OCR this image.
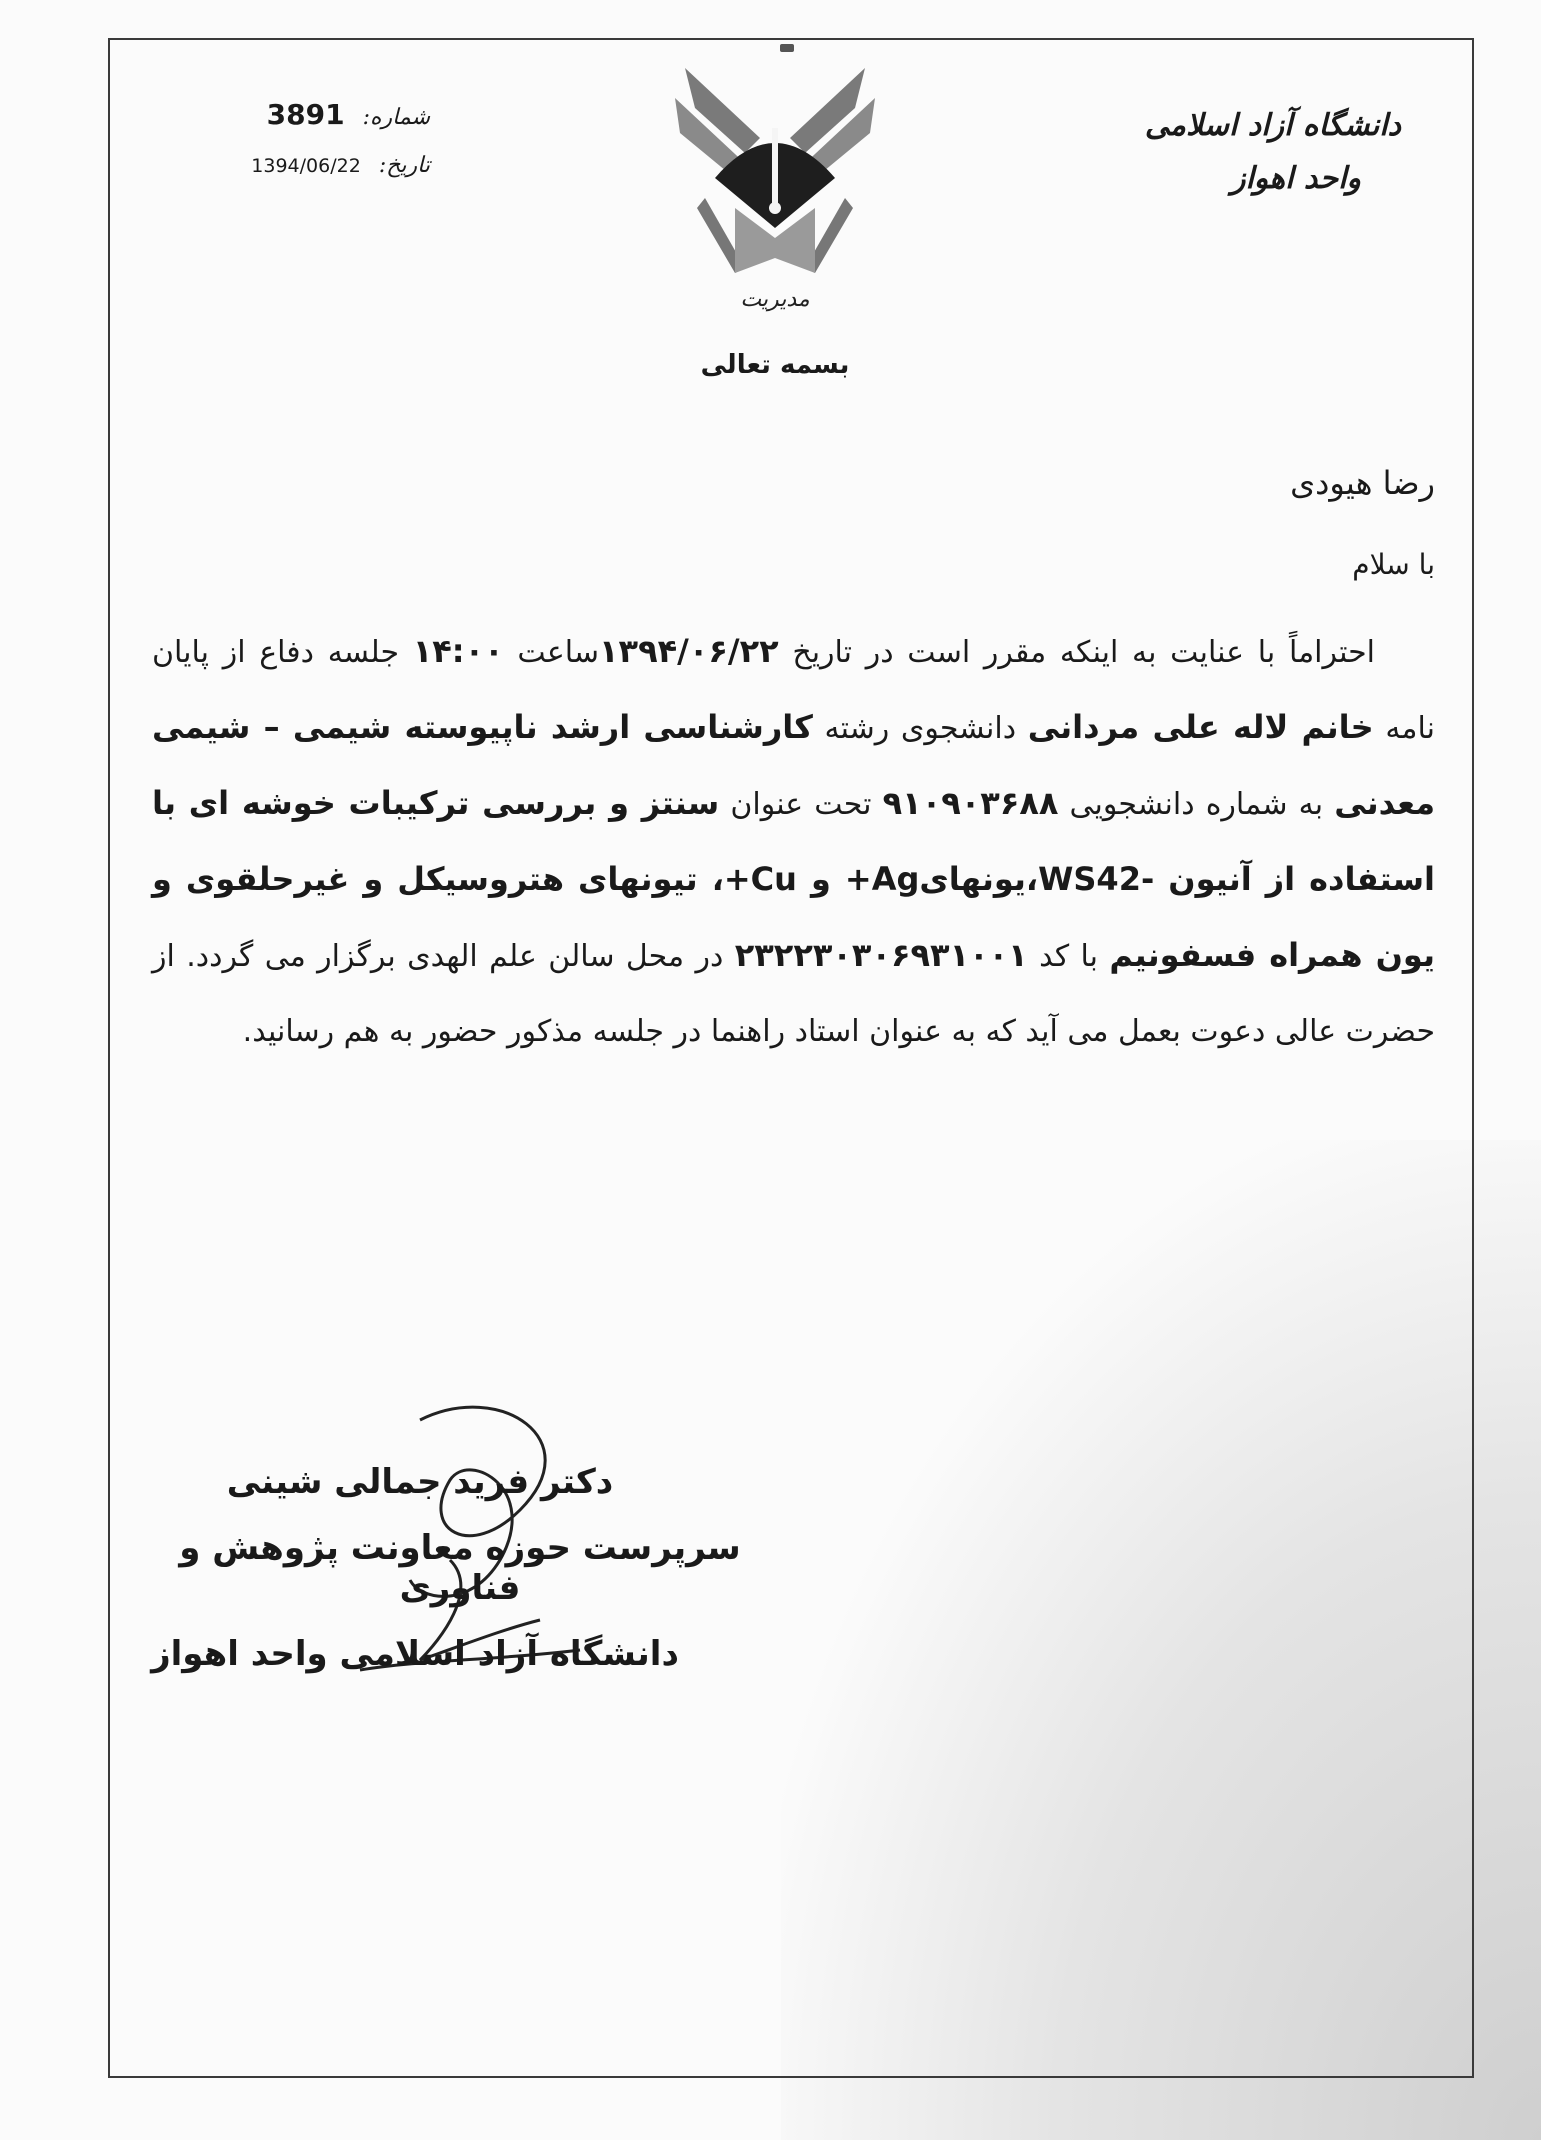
دانشگاه آزاد اسلامی
واحد اهواز
مدیریت
بسمه تعالی
شماره:
3891
تاریخ:
1394/06/22
رضا هیودی
با سلام
احتراماً با عنایت به اینکه مقرر است در تاریخ ۱۳۹۴/۰۶/۲۲ساعت ۱۴:۰۰ جلسه دفاع از پایان نامه خانم لاله علی مردانی دانشجوی رشته کارشناسی ارشد ناپیوسته شیمی – شیمی معدنی به شماره دانشجویی ۹۱۰۹۰۳۶۸۸ تحت عنوان سنتز و بررسی ترکیبات خوشه ای با استفاده از آنیون -WS42،یونهایAg+ و Cu+، تیونهای هتروسیکل و غیرحلقوی و یون همراه فسفونیم با کد ۲۳۲۲۳۰۳۰۶۹۳۱۰۰۱ در محل سالن علم الهدی برگزار می گردد. از حضرت عالی دعوت بعمل می آید که به عنوان استاد راهنما در جلسه مذکور حضور به هم رسانید.
دکتر فرید جمالی شینی
سرپرست حوزه معاونت پژوهش و فناوری
دانشگاه آزاد اسلامی واحد اهواز
